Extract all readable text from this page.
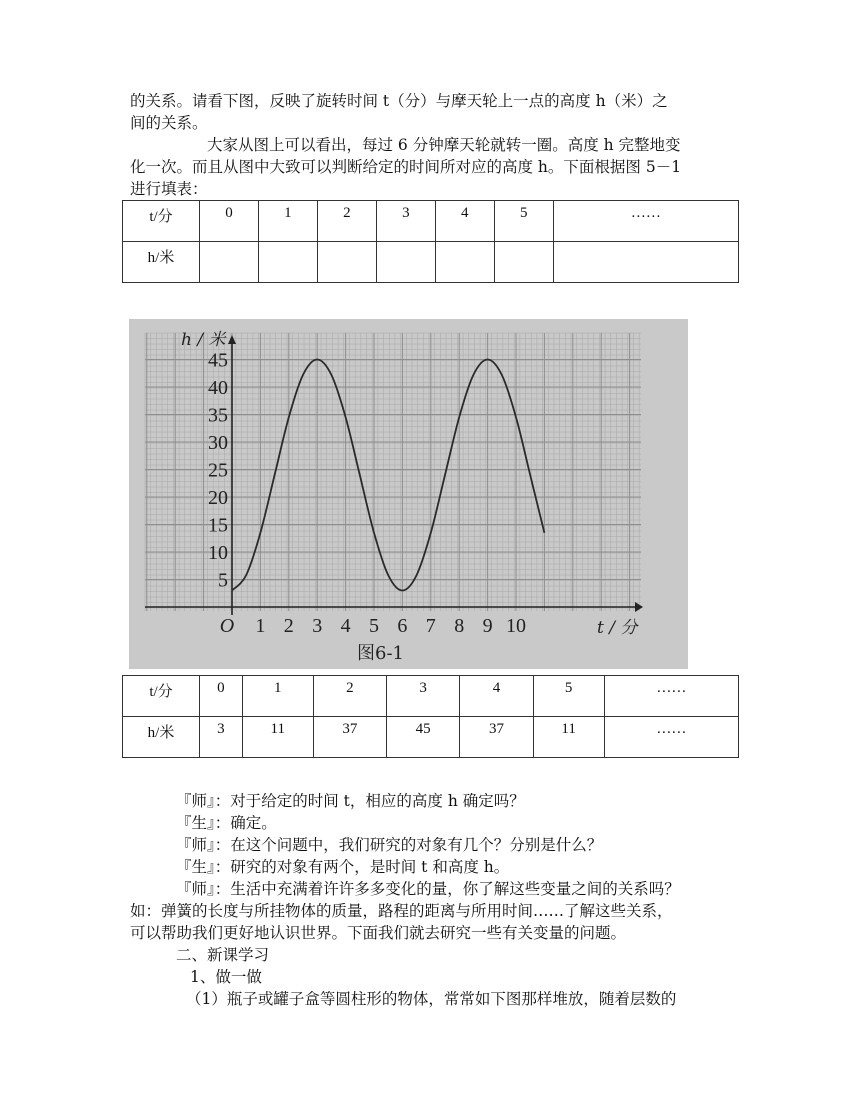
的关系。请看下图，反映了旋转时间 t（分）与摩天轮上一点的高度 h（米）之
间的关系。
大家从图上可以看出，每过 6 分钟摩天轮就转一圈。高度 h 完整地变
化一次。而且从图中大致可以判断给定的时间所对应的高度 h。下面根据图 5－1
进行填表：
t/分	0	1	2	3	4	5	……
h/米							
5
10
15
20
25
30
35
40
45
1 2 3 4 5 6 7 8 9 10
O
h / 米
t / 分
图6-1
t/分	0	1	2	3	4	5	……
h/米	3	11	37	45	37	11	……
『师』：对于给定的时间 t，相应的高度 h 确定吗？
『生』：确定。
『师』：在这个问题中，我们研究的对象有几个？分别是什么？
『生』：研究的对象有两个，是时间 t 和高度 h。
『师』：生活中充满着许许多多变化的量，你了解这些变量之间的关系吗？
如：弹簧的长度与所挂物体的质量，路程的距离与所用时间……了解这些关系，
可以帮助我们更好地认识世界。下面我们就去研究一些有关变量的问题。
二、新课学习
1、做一做
（1）瓶子或罐子盒等圆柱形的物体，常常如下图那样堆放，随着层数的
